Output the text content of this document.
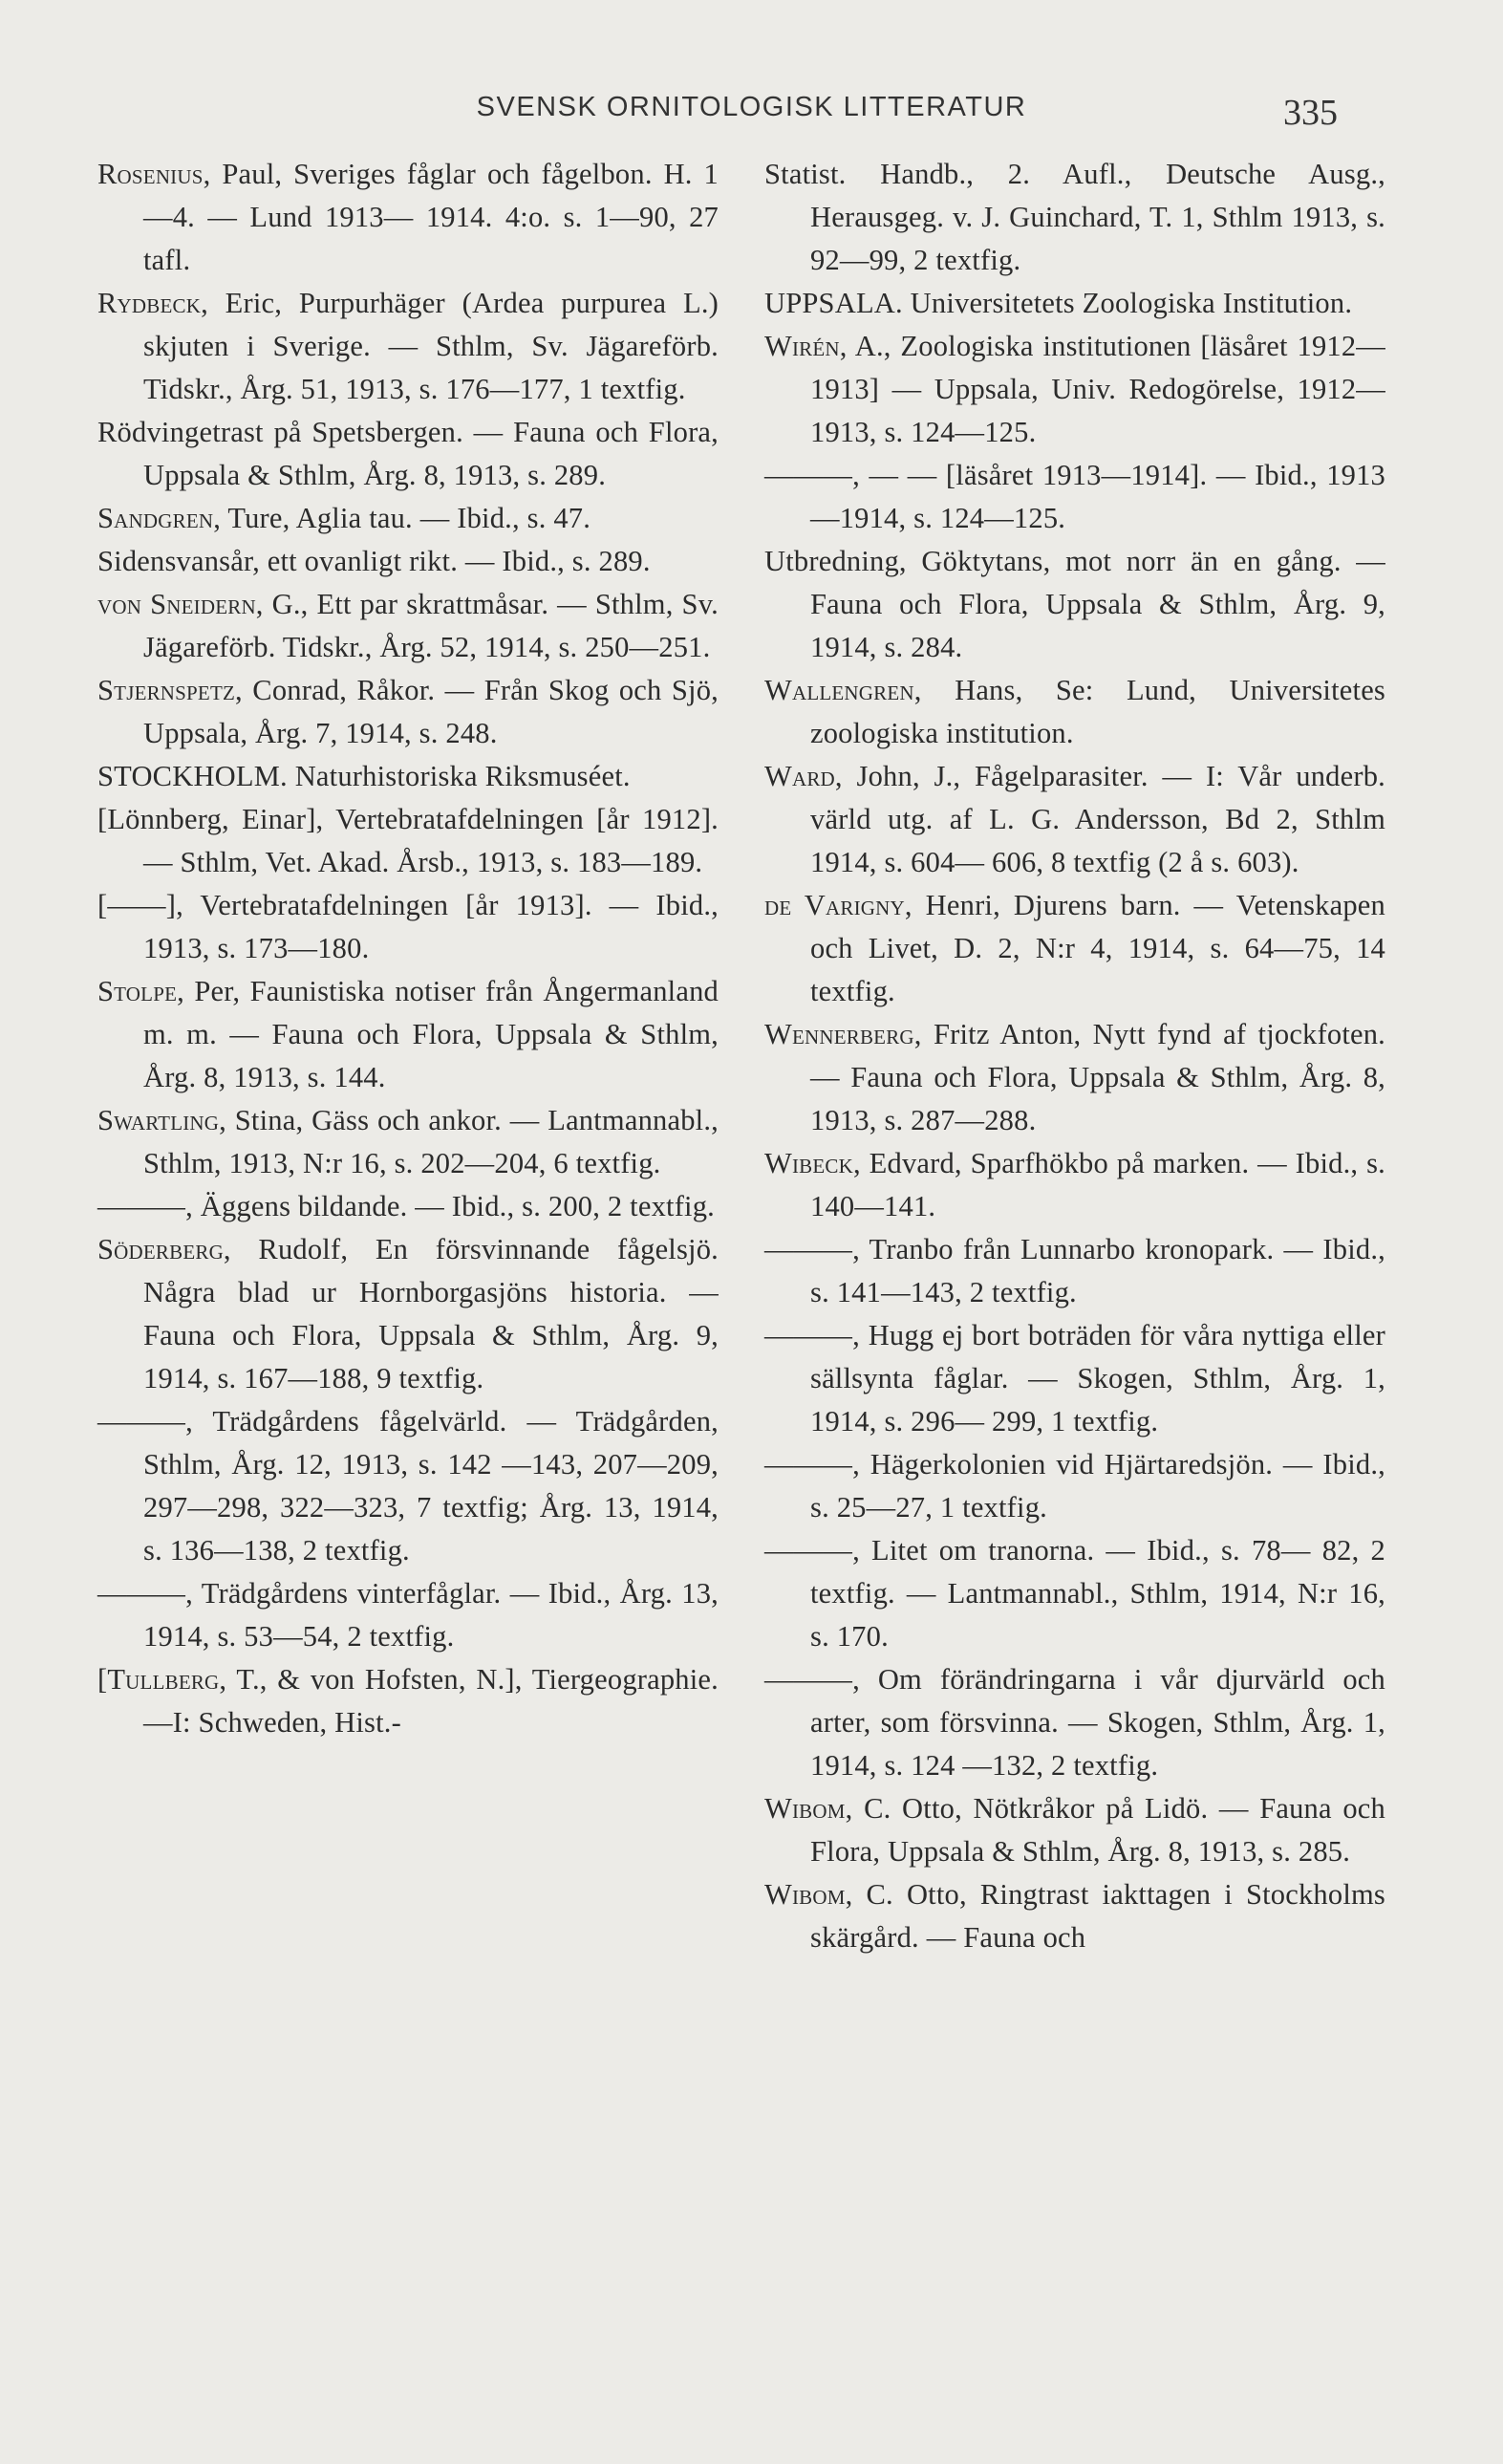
SVENSK ORNITOLOGISK LITTERATUR	335

Rosenius, Paul, Sveriges fåglar och fågelbon. H. 1—4. — Lund 1913— 1914. 4:o. s. 1—90, 27 tafl.

Rydbeck, Eric, Purpurhäger (Ardea purpurea L.) skjuten i Sverige. — Sthlm, Sv. Jägareförb. Tidskr., Årg. 51, 1913, s. 176—177, 1 textfig.

Rödvingetrast på Spetsbergen. — Fauna och Flora, Uppsala & Sthlm, Årg. 8, 1913, s. 289.

Sandgren, Ture, Aglia tau. — Ibid., s. 47.

Sidensvansår, ett ovanligt rikt. — Ibid., s. 289.

von Sneidern, G., Ett par skrattmåsar. — Sthlm, Sv. Jägareförb. Tidskr., Årg. 52, 1914, s. 250—251.

Stjernspetz, Conrad, Råkor. — Från Skog och Sjö, Uppsala, Årg. 7, 1914, s. 248.

STOCKHOLM. Naturhistoriska Riksmuséet.

[Lönnberg, Einar], Vertebratafdelningen [år 1912]. — Sthlm, Vet. Akad. Årsb., 1913, s. 183—189.

[——], Vertebratafdelningen [år 1913]. — Ibid., 1913, s. 173—180.

Stolpe, Per, Faunistiska notiser från Ångermanland m. m. — Fauna och Flora, Uppsala & Sthlm, Årg. 8, 1913, s. 144.

Swartling, Stina, Gäss och ankor. — Lantmannabl., Sthlm, 1913, N:r 16, s. 202—204, 6 textfig.

———, Äggens bildande. — Ibid., s. 200, 2 textfig.

Söderberg, Rudolf, En försvinnande fågelsjö. Några blad ur Hornborgasjöns historia. — Fauna och Flora, Uppsala & Sthlm, Årg. 9, 1914, s. 167—188, 9 textfig.

———, Trädgårdens fågelvärld. — Trädgården, Sthlm, Årg. 12, 1913, s. 142 —143, 207—209, 297—298, 322—323, 7 textfig; Årg. 13, 1914, s. 136—138, 2 textfig.

———, Trädgårdens vinterfåglar. — Ibid., Årg. 13, 1914, s. 53—54, 2 textfig.

[Tullberg, T., & von Hofsten, N.], Tiergeographie.—I: Schweden, Hist.-

Statist. Handb., 2. Aufl., Deutsche Ausg., Herausgeg. v. J. Guinchard, T. 1, Sthlm 1913, s. 92—99, 2 textfig.

UPPSALA. Universitetets Zoologiska Institution.

Wirén, A., Zoologiska institutionen [läsåret 1912—1913] — Uppsala, Univ. Redogörelse, 1912—1913, s. 124—125.

———, — — [läsåret 1913—1914]. — Ibid., 1913—1914, s. 124—125.

Utbredning, Göktytans, mot norr än en gång. — Fauna och Flora, Uppsala & Sthlm, Årg. 9, 1914, s. 284.

Wallengren, Hans, Se: Lund, Universitetes zoologiska institution.

Ward, John, J., Fågelparasiter. — I: Vår underb. värld utg. af L. G. Andersson, Bd 2, Sthlm 1914, s. 604— 606, 8 textfig (2 å s. 603).

de Varigny, Henri, Djurens barn. — Vetenskapen och Livet, D. 2, N:r 4, 1914, s. 64—75, 14 textfig.

Wennerberg, Fritz Anton, Nytt fynd af tjockfoten. — Fauna och Flora, Uppsala & Sthlm, Årg. 8, 1913, s. 287—288.

Wibeck, Edvard, Sparfhökbo på marken. — Ibid., s. 140—141.

———, Tranbo från Lunnarbo kronopark. — Ibid., s. 141—143, 2 textfig.

———, Hugg ej bort boträden för våra nyttiga eller sällsynta fåglar. — Skogen, Sthlm, Årg. 1, 1914, s. 296— 299, 1 textfig.

———, Hägerkolonien vid Hjärtaredsjön. — Ibid., s. 25—27, 1 textfig.

———, Litet om tranorna. — Ibid., s. 78— 82, 2 textfig. — Lantmannabl., Sthlm, 1914, N:r 16, s. 170.

———, Om förändringarna i vår djurvärld och arter, som försvinna. — Skogen, Sthlm, Årg. 1, 1914, s. 124 —132, 2 textfig.

Wibom, C. Otto, Nötkråkor på Lidö. — Fauna och Flora, Uppsala & Sthlm, Årg. 8, 1913, s. 285.

Wibom, C. Otto, Ringtrast iakttagen i Stockholms skärgård. — Fauna och
